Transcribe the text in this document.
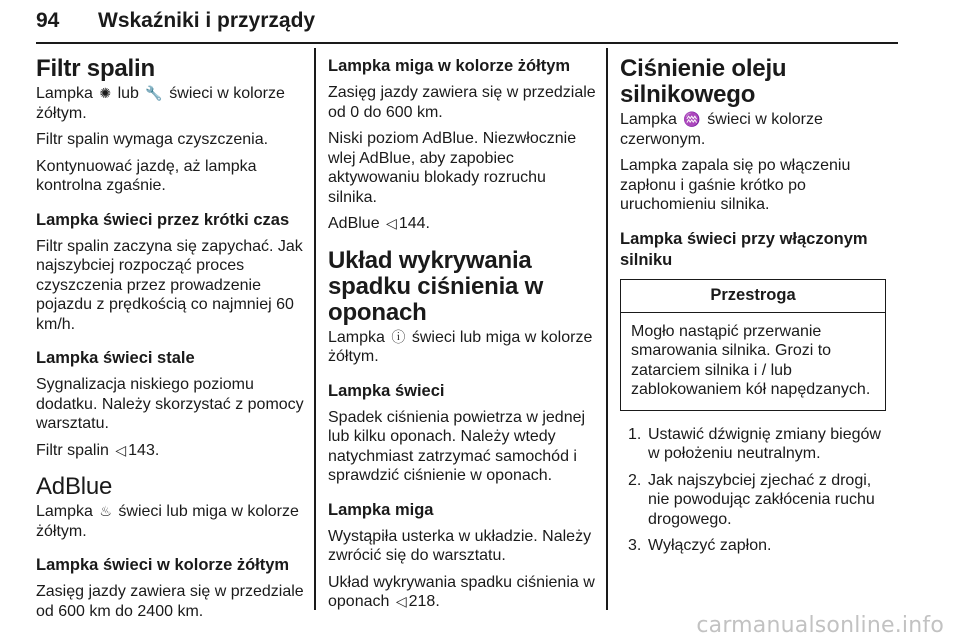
94	Wskaźniki i przyrządy
Filtr spalin

Lampka ✺ lub 🔧 świeci w kolorze żółtym.

Filtr spalin wymaga czyszczenia.

Kontynuować jazdę, aż lampka kontrolna zgaśnie.

Lampka świeci przez krótki czas

Filtr spalin zaczyna się zapychać. Jak najszybciej rozpocząć proces czyszczenia przez prowadzenie pojazdu z prędkością co najmniej 60 km/h.

Lampka świeci stale

Sygnalizacja niskiego poziomu dodatku. Należy skorzystać z pomocy warsztatu.

Filtr spalin ◁ 143.

AdBlue

Lampka ♨ świeci lub miga w kolorze żółtym.

Lampka świeci w kolorze żółtym

Zasięg jazdy zawiera się w przedziale od 600 km do 2400 km.

Lampka miga w kolorze żółtym

Zasięg jazdy zawiera się w przedziale od 0 do 600 km.

Niski poziom AdBlue. Niezwłocznie wlej AdBlue, aby zapobiec aktywowaniu blokady rozruchu silnika.

AdBlue ◁ 144.

Układ wykrywania spadku ciśnienia w oponach

Lampka ⓘ świeci lub miga w kolorze żółtym.

Lampka świeci

Spadek ciśnienia powietrza w jednej lub kilku oponach. Należy wtedy natychmiast zatrzymać samochód i sprawdzić ciśnienie w oponach.

Lampka miga

Wystąpiła usterka w układzie. Należy zwrócić się do warsztatu.

Układ wykrywania spadku ciśnienia w oponach ◁ 218.

Ciśnienie oleju silnikowego

Lampka ♒ świeci w kolorze czerwonym.

Lampka zapala się po włączeniu zapłonu i gaśnie krótko po uruchomieniu silnika.

Lampka świeci przy włączonym silniku
Przestroga
Mogło nastąpić przerwanie smarowania silnika. Grozi to zatarciem silnika i / lub zablokowaniem kół napędzanych.
1. Ustawić dźwignię zmiany biegów w położeniu neutralnym.
2. Jak najszybciej zjechać z drogi, nie powodując zakłócenia ruchu drogowego.
3. Wyłączyć zapłon.
carmanualsonline.info
